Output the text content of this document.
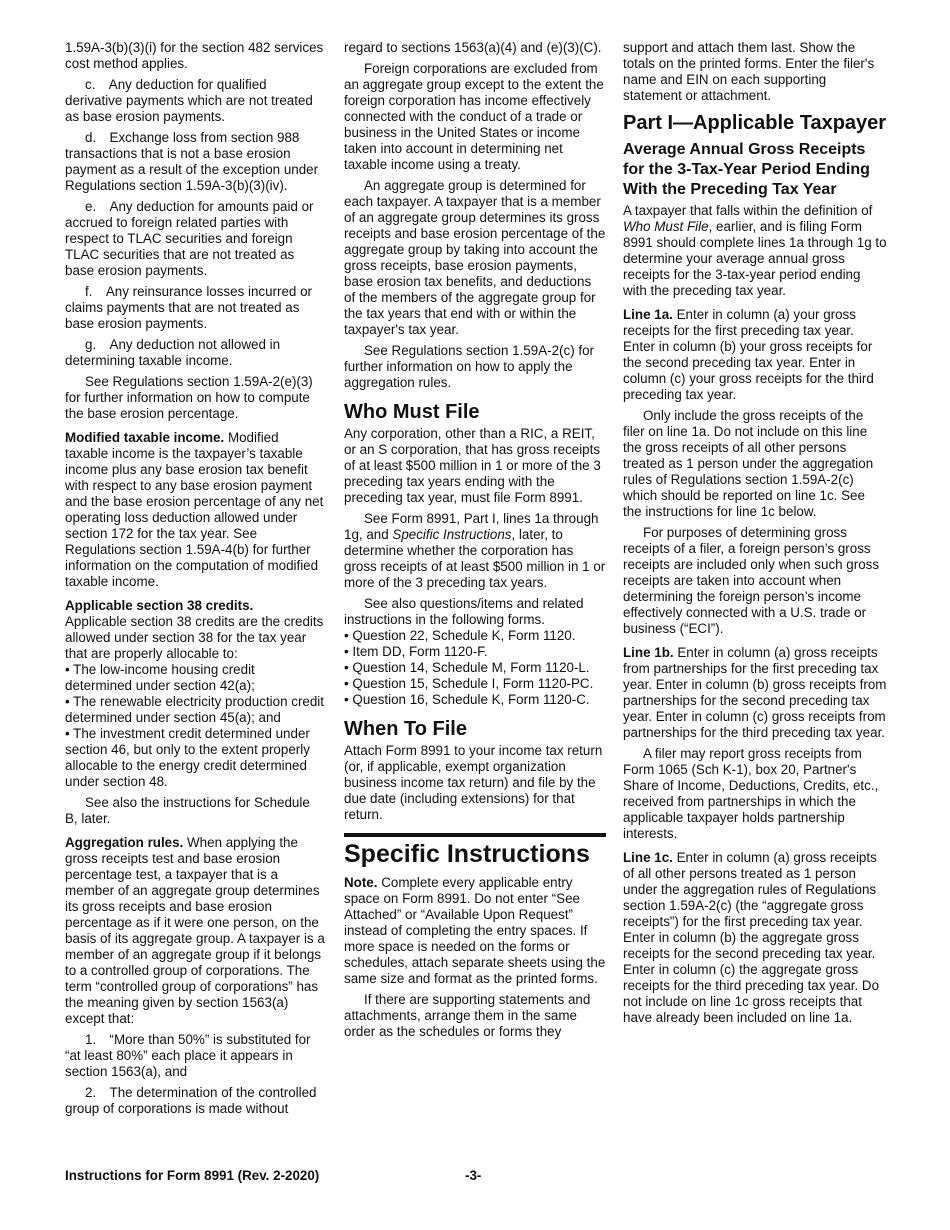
1.59A-3(b)(3)(i) for the section 482 services cost method applies.

c. Any deduction for qualified derivative payments which are not treated as base erosion payments.

d. Exchange loss from section 988 transactions that is not a base erosion payment as a result of the exception under Regulations section 1.59A-3(b)(3)(iv).

e. Any deduction for amounts paid or accrued to foreign related parties with respect to TLAC securities and foreign TLAC securities that are not treated as base erosion payments.

f. Any reinsurance losses incurred or claims payments that are not treated as base erosion payments.

g. Any deduction not allowed in determining taxable income.

See Regulations section 1.59A-2(e)(3) for further information on how to compute the base erosion percentage.

Modified taxable income. Modified taxable income is the taxpayer’s taxable income plus any base erosion tax benefit with respect to any base erosion payment and the base erosion percentage of any net operating loss deduction allowed under section 172 for the tax year. See Regulations section 1.59A-4(b) for further information on the computation of modified taxable income.

Applicable section 38 credits.

Applicable section 38 credits are the credits allowed under section 38 for the tax year that are properly allocable to:

• The low-income housing credit determined under section 42(a);

• The renewable electricity production credit determined under section 45(a); and

• The investment credit determined under section 46, but only to the extent properly allocable to the energy credit determined under section 48.

See also the instructions for Schedule B, later.

Aggregation rules. When applying the gross receipts test and base erosion percentage test, a taxpayer that is a member of an aggregate group determines its gross receipts and base erosion percentage as if it were one person, on the basis of its aggregate group. A taxpayer is a member of an aggregate group if it belongs to a controlled group of corporations. The term “controlled group of corporations” has the meaning given by section 1563(a) except that:

1. “More than 50%” is substituted for “at least 80%” each place it appears in section 1563(a), and

2. The determination of the controlled group of corporations is made without

regard to sections 1563(a)(4) and (e)(3)(C).

Foreign corporations are excluded from an aggregate group except to the extent the foreign corporation has income effectively connected with the conduct of a trade or business in the United States or income taken into account in determining net taxable income using a treaty.

An aggregate group is determined for each taxpayer. A taxpayer that is a member of an aggregate group determines its gross receipts and base erosion percentage of the aggregate group by taking into account the gross receipts, base erosion payments, base erosion tax benefits, and deductions of the members of the aggregate group for the tax years that end with or within the taxpayer's tax year.

See Regulations section 1.59A-2(c) for further information on how to apply the aggregation rules.

Who Must File

Any corporation, other than a RIC, a REIT, or an S corporation, that has gross receipts of at least $500 million in 1 or more of the 3 preceding tax years ending with the preceding tax year, must file Form 8991.

See Form 8991, Part I, lines 1a through 1g, and Specific Instructions, later, to determine whether the corporation has gross receipts of at least $500 million in 1 or more of the 3 preceding tax years.

See also questions/items and related instructions in the following forms.

• Question 22, Schedule K, Form 1120.

• Item DD, Form 1120-F.

• Question 14, Schedule M, Form 1120-L.

• Question 15, Schedule I, Form 1120-PC.

• Question 16, Schedule K, Form 1120-C.

When To File

Attach Form 8991 to your income tax return (or, if applicable, exempt organization business income tax return) and file by the due date (including extensions) for that return.

Specific Instructions

Note. Complete every applicable entry space on Form 8991. Do not enter “See Attached” or “Available Upon Request” instead of completing the entry spaces. If more space is needed on the forms or schedules, attach separate sheets using the same size and format as the printed forms.

If there are supporting statements and attachments, arrange them in the same order as the schedules or forms they

support and attach them last. Show the totals on the printed forms. Enter the filer's name and EIN on each supporting statement or attachment.

Part I—Applicable Taxpayer
Average Annual Gross Receipts for the 3-Tax-Year Period Ending With the Preceding Tax Year

A taxpayer that falls within the definition of Who Must File, earlier, and is filing Form 8991 should complete lines 1a through 1g to determine your average annual gross receipts for the 3-tax-year period ending with the preceding tax year.

Line 1a. Enter in column (a) your gross receipts for the first preceding tax year. Enter in column (b) your gross receipts for the second preceding tax year. Enter in column (c) your gross receipts for the third preceding tax year.

Only include the gross receipts of the filer on line 1a. Do not include on this line the gross receipts of all other persons treated as 1 person under the aggregation rules of Regulations section 1.59A-2(c) which should be reported on line 1c. See the instructions for line 1c below.

For purposes of determining gross receipts of a filer, a foreign person’s gross receipts are included only when such gross receipts are taken into account when determining the foreign person’s income effectively connected with a U.S. trade or business (“ECI”).

Line 1b. Enter in column (a) gross receipts from partnerships for the first preceding tax year. Enter in column (b) gross receipts from partnerships for the second preceding tax year. Enter in column (c) gross receipts from partnerships for the third preceding tax year.

A filer may report gross receipts from Form 1065 (Sch K-1), box 20, Partner's Share of Income, Deductions, Credits, etc., received from partnerships in which the applicable taxpayer holds partnership interests.

Line 1c. Enter in column (a) gross receipts of all other persons treated as 1 person under the aggregation rules of Regulations section 1.59A-2(c) (the “aggregate gross receipts”) for the first preceding tax year. Enter in column (b) the aggregate gross receipts for the second preceding tax year. Enter in column (c) the aggregate gross receipts for the third preceding tax year. Do not include on line 1c gross receipts that have already been included on line 1a.

Instructions for Form 8991 (Rev. 2-2020)	-3-
